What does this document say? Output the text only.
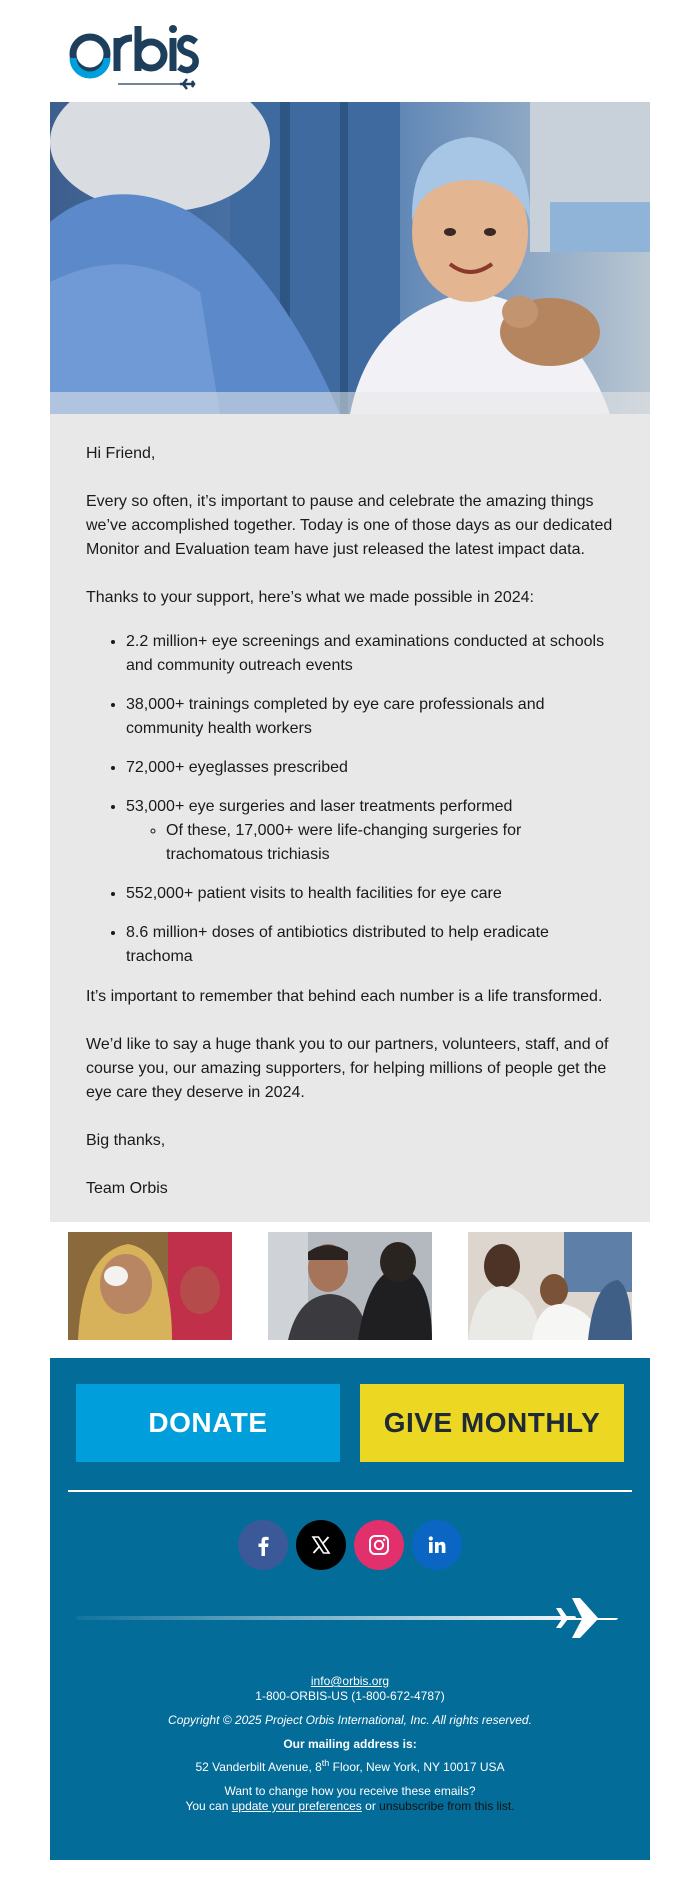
Hi Friend,

Every so often, it’s important to pause and celebrate the amazing things we’ve accomplished together. Today is one of those days as our dedicated Monitor and Evaluation team have just released the latest impact data.

Thanks to your support, here’s what we made possible in 2024:

• 2.2 million+ eye screenings and examinations conducted at schools and community outreach events
• 38,000+ trainings completed by eye care professionals and community health workers
• 72,000+ eyeglasses prescribed
• 53,000+ eye surgeries and laser treatments performed
◦ Of these, 17,000+ were life-changing surgeries for trachomatous trichiasis
• 552,000+ patient visits to health facilities for eye care
• 8.6 million+ doses of antibiotics distributed to help eradicate trachoma

It’s important to remember that behind each number is a life transformed.

We’d like to say a huge thank you to our partners, volunteers, staff, and of course you, our amazing supporters, for helping millions of people get the eye care they deserve in 2024.

Big thanks,

Team Orbis

DONATE	GIVE MONTHLY
info@orbis.org
1-800-ORBIS-US (1-800-672-4787)
Copyright © 2025 Project Orbis International, Inc. All rights reserved.
Our mailing address is:
52 Vanderbilt Avenue, 8th Floor, New York, NY 10017 USA
Want to change how you receive these emails?
You can update your preferences or unsubscribe from this list.
